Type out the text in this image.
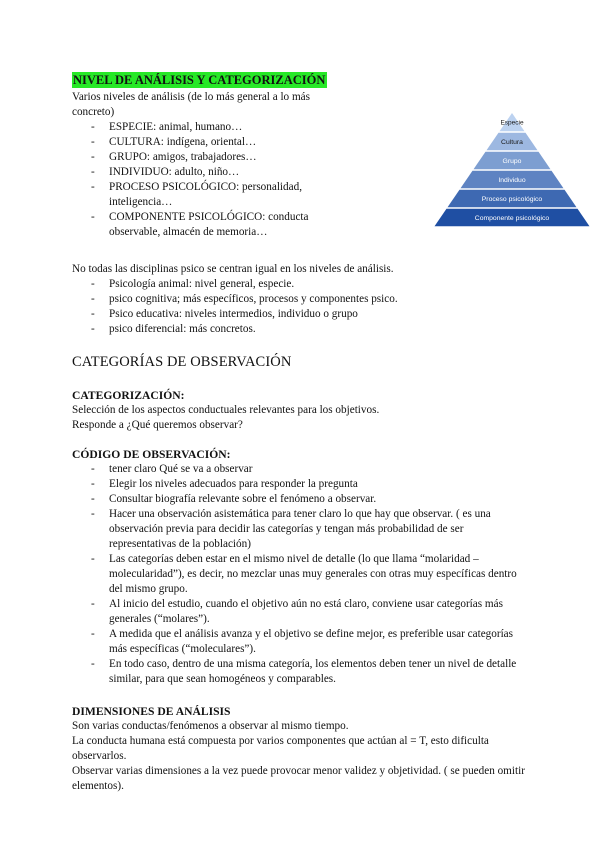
NIVEL DE ANÁLISIS Y CATEGORIZACIÓN
Varios niveles de análisis (de lo más general a lo más concreto)
- ESPECIE: animal, humano…
- CULTURA: indígena, oriental…
- GRUPO: amigos, trabajadores…
- INDIVIDUO: adulto, niño…
- PROCESO PSICOLÓGICO: personalidad, inteligencia…
- COMPONENTE PSICOLÓGICO: conducta observable, almacén de memoria…
Especie
Cultura
Grupo
Individuo
Proceso psicológico
Componente psicológico
No todas las disciplinas psico se centran igual en los niveles de análisis.
- Psicología animal: nivel general, especie.
- psico cognitiva; más específicos, procesos y componentes psico.
- Psico educativa: niveles intermedios, individuo o grupo
- psico diferencial: más concretos.
CATEGORÍAS DE OBSERVACIÓN
CATEGORIZACIÓN:
Selección de los aspectos conductuales relevantes para los objetivos.
Responde a ¿Qué queremos observar?
CÓDIGO DE OBSERVACIÓN:
- tener claro Qué se va a observar
- Elegir los niveles adecuados para responder la pregunta
- Consultar biografía relevante sobre el fenómeno a observar.
- Hacer una observación asistemática para tener claro lo que hay que observar. ( es una observación previa para decidir las categorías y tengan más probabilidad de ser representativas de la población)
- Las categorías deben estar en el mismo nivel de detalle (lo que llama “molaridad – molecularidad”), es decir, no mezclar unas muy generales con otras muy específicas dentro del mismo grupo.
- Al inicio del estudio, cuando el objetivo aún no está claro, conviene usar categorías más generales (“molares”).
- A medida que el análisis avanza y el objetivo se define mejor, es preferible usar categorías más específicas (“moleculares”).
- En todo caso, dentro de una misma categoría, los elementos deben tener un nivel de detalle similar, para que sean homogéneos y comparables.
DIMENSIONES DE ANÁLISIS
Son varias conductas/fenómenos a observar al mismo tiempo.
La conducta humana está compuesta por varios componentes que actúan al = T, esto dificulta observarlos.
Observar varias dimensiones a la vez puede provocar menor validez y objetividad. ( se pueden omitir elementos).
